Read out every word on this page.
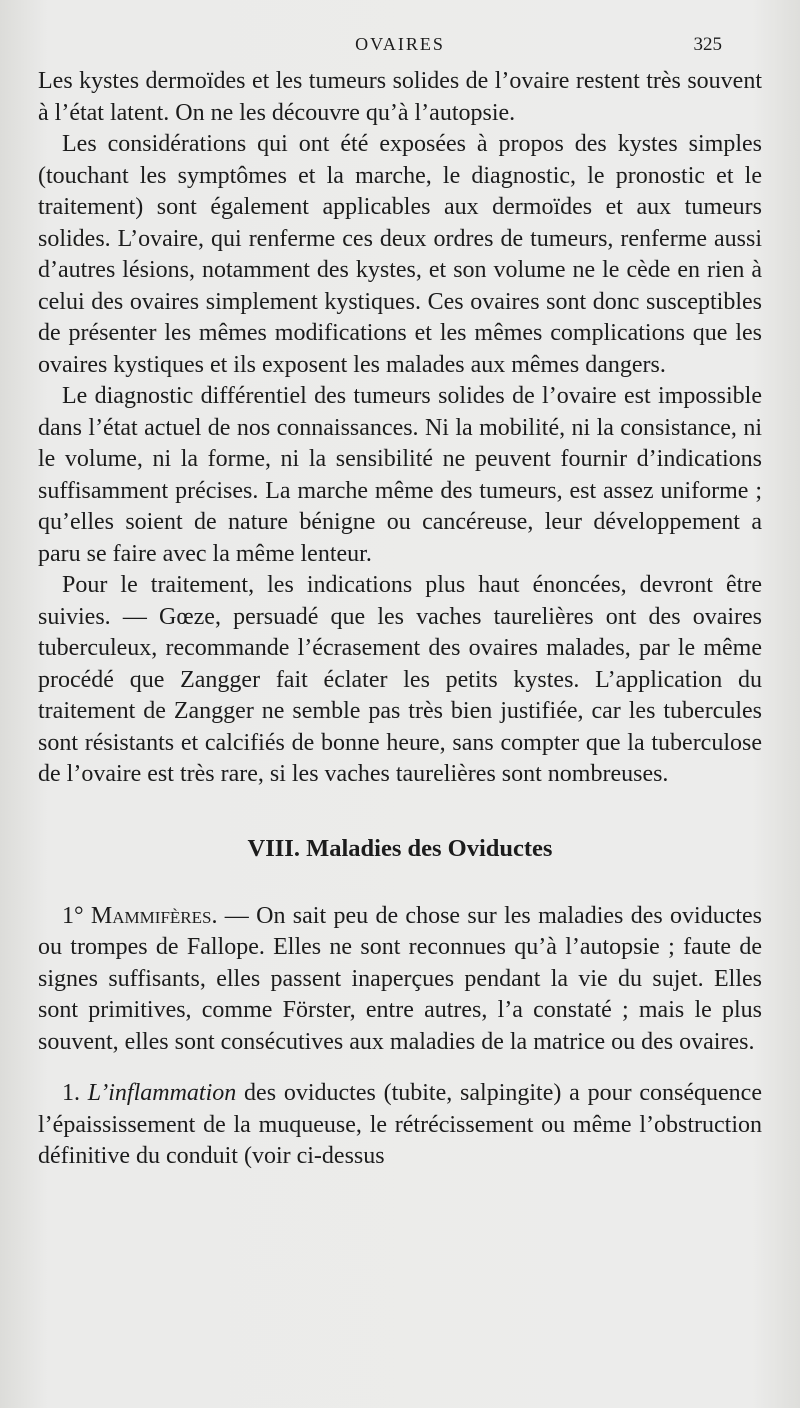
OVAIRES	325

Les kystes dermoïdes et les tumeurs solides de l’ovaire restent très souvent à l’état latent. On ne les découvre qu’à l’autopsie.

Les considérations qui ont été exposées à propos des kystes simples (touchant les symptômes et la marche, le diagnostic, le pronostic et le traitement) sont également applicables aux dermoïdes et aux tumeurs solides. L’ovaire, qui renferme ces deux ordres de tumeurs, renferme aussi d’autres lésions, notamment des kystes, et son volume ne le cède en rien à celui des ovaires simplement kystiques. Ces ovaires sont donc susceptibles de présenter les mêmes modifications et les mêmes complications que les ovaires kystiques et ils exposent les malades aux mêmes dangers.

Le diagnostic différentiel des tumeurs solides de l’ovaire est impossible dans l’état actuel de nos connaissances. Ni la mobilité, ni la consistance, ni le volume, ni la forme, ni la sensibilité ne peuvent fournir d’indications suffisamment précises. La marche même des tumeurs, est assez uniforme ; qu’elles soient de nature bénigne ou cancéreuse, leur développement a paru se faire avec la même lenteur.

Pour le traitement, les indications plus haut énoncées, devront être suivies. — Gœze, persuadé que les vaches taurelières ont des ovaires tuberculeux, recommande l’écrasement des ovaires malades, par le même procédé que Zangger fait éclater les petits kystes. L’application du traitement de Zangger ne semble pas très bien justifiée, car les tubercules sont résistants et calcifiés de bonne heure, sans compter que la tuberculose de l’ovaire est très rare, si les vaches taurelières sont nombreuses.

VIII. Maladies des Oviductes

1° Mammifères. — On sait peu de chose sur les maladies des oviductes ou trompes de Fallope. Elles ne sont reconnues qu’à l’autopsie ; faute de signes suffisants, elles passent inaperçues pendant la vie du sujet. Elles sont primitives, comme Förster, entre autres, l’a constaté ; mais le plus souvent, elles sont consécutives aux maladies de la matrice ou des ovaires.

1. L’inflammation des oviductes (tubite, salpingite) a pour conséquence l’épaississement de la muqueuse, le rétrécissement ou même l’obstruction définitive du conduit (voir ci-dessus
